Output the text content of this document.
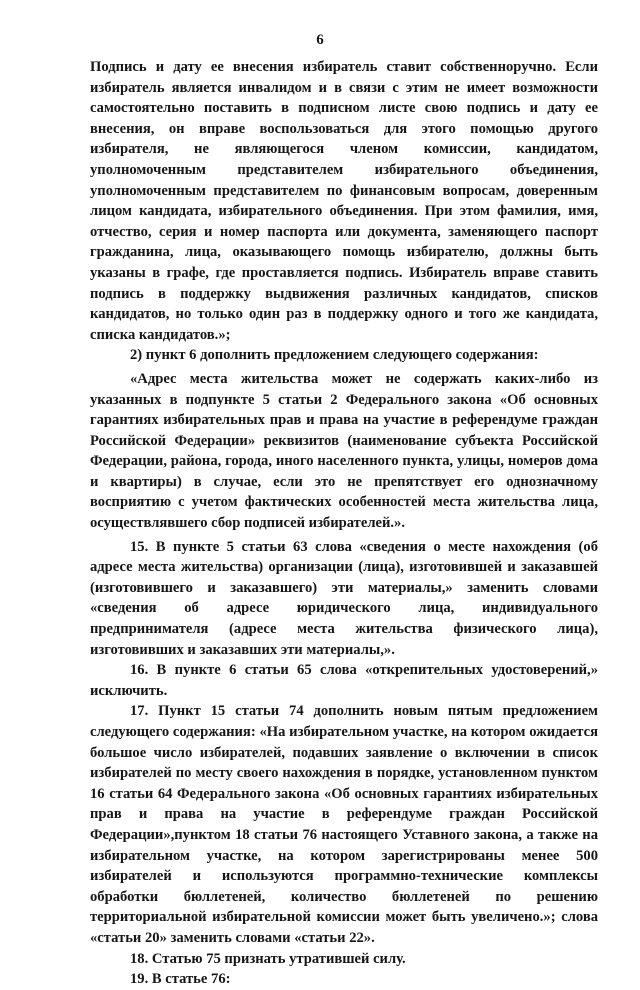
6

Подпись и дату ее внесения избиратель ставит собственноручно. Если избиратель является инвалидом и в связи с этим не имеет возможности самостоятельно поставить в подписном листе свою подпись и дату ее внесения, он вправе воспользоваться для этого помощью другого избирателя, не являющегося членом комиссии, кандидатом, уполномоченным представителем избирательного объединения, уполномоченным представителем по финансовым вопросам, доверенным лицом кандидата, избирательного объединения. При этом фамилия, имя, отчество, серия и номер паспорта или документа, заменяющего паспорт гражданина, лица, оказывающего помощь избирателю, должны быть указаны в графе, где проставляется подпись. Избиратель вправе ставить подпись в поддержку выдвижения различных кандидатов, списков кандидатов, но только один раз в поддержку одного и того же кандидата, списка кандидатов.»;

2) пункт 6 дополнить предложением следующего содержания:

«Адрес места жительства может не содержать каких-либо из указанных в подпункте 5 статьи 2 Федерального закона «Об основных гарантиях избирательных прав и права на участие в референдуме граждан Российской Федерации» реквизитов (наименование субъекта Российской Федерации, района, города, иного населенного пункта, улицы, номеров дома и квартиры) в случае, если это не препятствует его однозначному восприятию с учетом фактических особенностей места жительства лица, осуществлявшего сбор подписей избирателей.».

15. В пункте 5 статьи 63 слова «сведения о месте нахождения (об адресе места жительства) организации (лица), изготовившей и заказавшей (изготовившего и заказавшего) эти материалы,» заменить словами «сведения об адресе юридического лица, индивидуального предпринимателя (адресе места жительства физического лица), изготовивших и заказавших эти материалы,».

16. В пункте 6 статьи 65 слова «открепительных удостоверений,» исключить.

17. Пункт 15 статьи 74 дополнить новым пятым предложением следующего содержания: «На избирательном участке, на котором ожидается большое число избирателей, подавших заявление о включении в список избирателей по месту своего нахождения в порядке, установленном пунктом 16 статьи 64 Федерального закона «Об основных гарантиях избирательных прав и права на участие в референдуме граждан Российской Федерации»,пунктом 18 статьи 76 настоящего Уставного закона, а также на избирательном участке, на котором зарегистрированы менее 500 избирателей и используются программно-технические комплексы обработки бюллетеней, количество бюллетеней по решению территориальной избирательной комиссии может быть увеличено.»; слова «статьи 20» заменить словами «статьи 22».

18. Статью 75 признать утратившей силу.

19. В статье 76:
